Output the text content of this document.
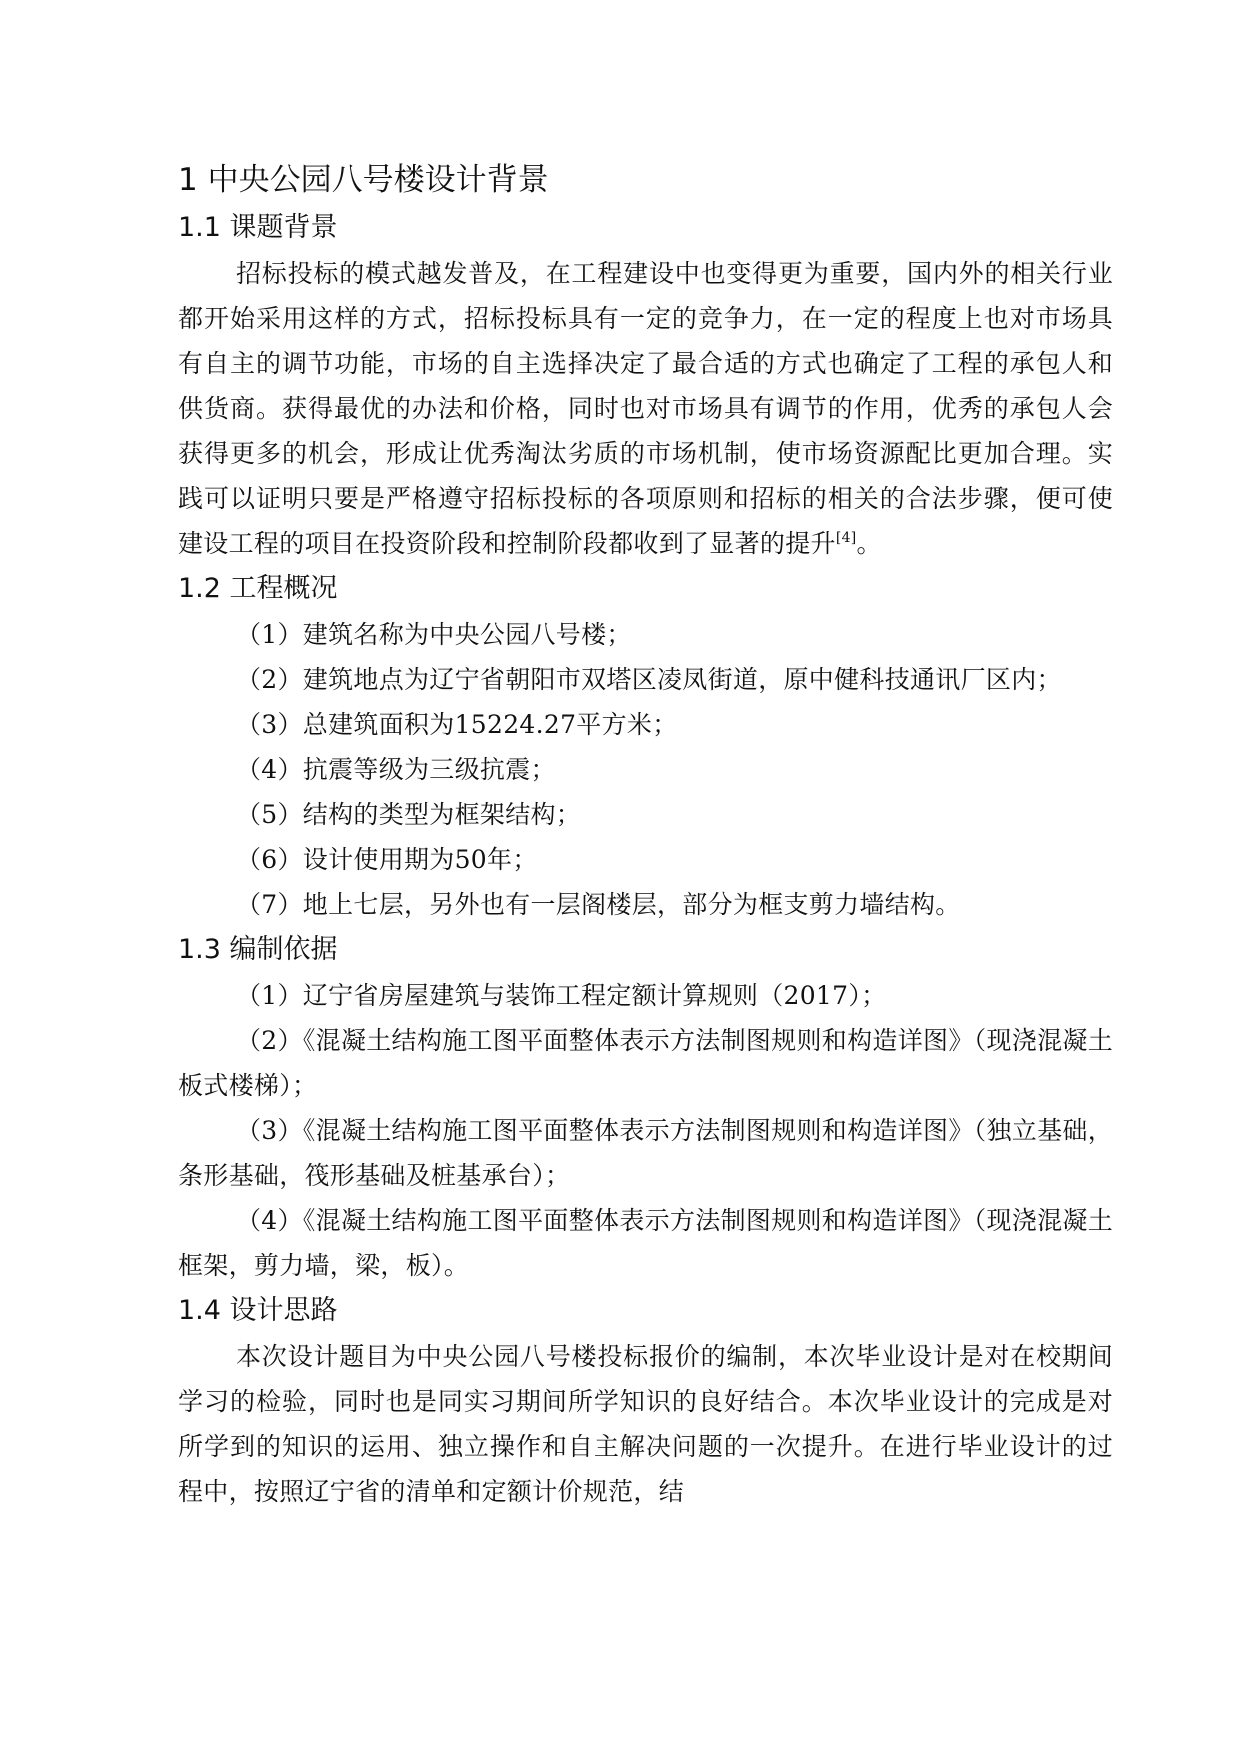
1 中央公园八号楼设计背景
1.1 课题背景

招标投标的模式越发普及，在工程建设中也变得更为重要，国内外的相关行业都开始采用这样的方式，招标投标具有一定的竞争力，在一定的程度上也对市场具有自主的调节功能，市场的自主选择决定了最合适的方式也确定了工程的承包人和供货商。获得最优的办法和价格，同时也对市场具有调节的作用，优秀的承包人会获得更多的机会，形成让优秀淘汰劣质的市场机制，使市场资源配比更加合理。实践可以证明只要是严格遵守招标投标的各项原则和招标的相关的合法步骤，便可使建设工程的项目在投资阶段和控制阶段都收到了显著的提升[4]。

1.2 工程概况

（1）建筑名称为中央公园八号楼；

（2）建筑地点为辽宁省朝阳市双塔区凌凤街道，原中健科技通讯厂区内；

（3）总建筑面积为15224.27平方米；

（4）抗震等级为三级抗震；

（5）结构的类型为框架结构；

（6）设计使用期为50年；

（7）地上七层，另外也有一层阁楼层，部分为框支剪力墙结构。

1.3 编制依据

（1）辽宁省房屋建筑与装饰工程定额计算规则（2017）；

（2）《混凝土结构施工图平面整体表示方法制图规则和构造详图》（现浇混凝土板式楼梯）；

（3）《混凝土结构施工图平面整体表示方法制图规则和构造详图》（独立基础，条形基础，筏形基础及桩基承台）；

（4）《混凝土结构施工图平面整体表示方法制图规则和构造详图》（现浇混凝土框架，剪力墙，梁，板）。

1.4 设计思路

本次设计题目为中央公园八号楼投标报价的编制，本次毕业设计是对在校期间学习的检验，同时也是同实习期间所学知识的良好结合。本次毕业设计的完成是对所学到的知识的运用、独立操作和自主解决问题的一次提升。在进行毕业设计的过程中，按照辽宁省的清单和定额计价规范，结
